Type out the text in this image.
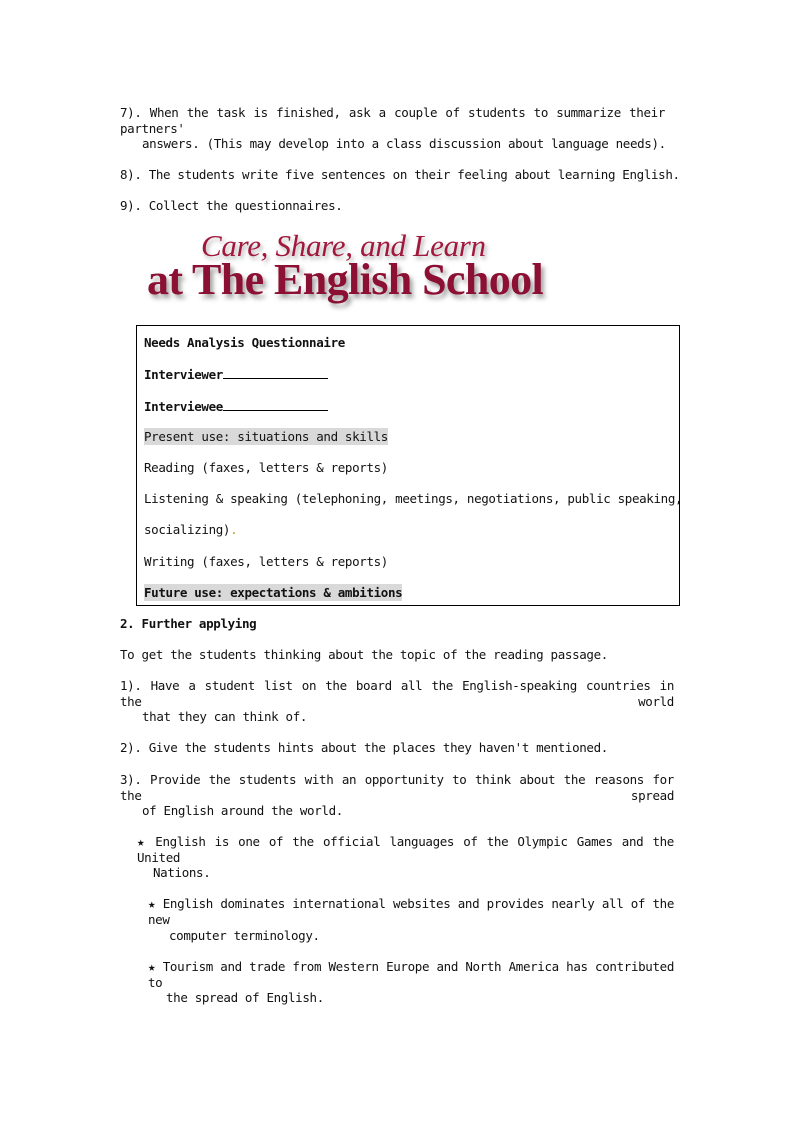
7). When the task is finished, ask a couple of students to summarize their partners'
answers. (This may develop into a class discussion about language needs).
8). The students write five sentences on their feeling about learning English.
9). Collect the questionnaires.
Care, Share, and Learn
at The English School
Needs Analysis Questionnaire
Interviewer
Interviewee
Present use: situations and skills
Reading (faxes, letters & reports)
Listening & speaking (telephoning, meetings, negotiations, public speaking,
socializing).
Writing (faxes, letters & reports)
Future use: expectations & ambitions
2. Further applying
To get the students thinking about the topic of the reading passage.
1). Have a student list on the board all the English-speaking countries in the world
that they can think of.
2). Give the students hints about the places they haven't mentioned.
3). Provide the students with an opportunity to think about the reasons for the spread
of English around the world.
★ English is one of the official languages of the Olympic Games and the United
Nations.
★ English dominates international websites and provides nearly all of the new
computer terminology.
★ Tourism and trade from Western Europe and North America has contributed to
the spread of English.
